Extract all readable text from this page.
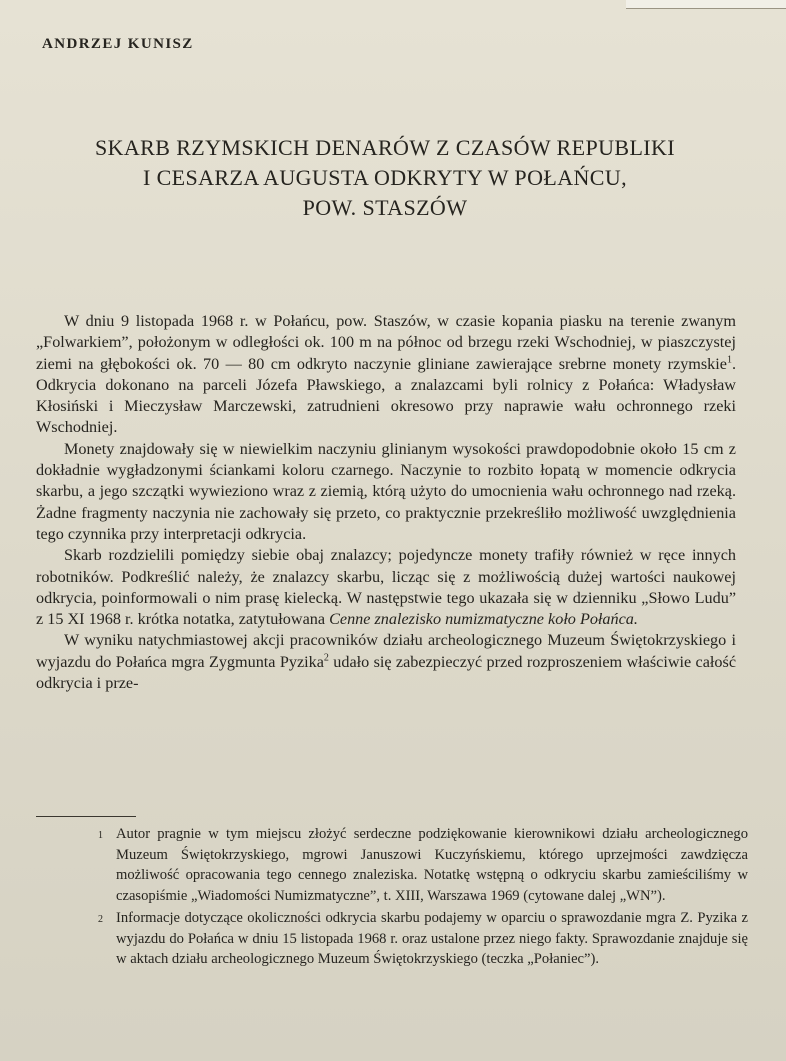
ANDRZEJ KUNISZ
SKARB RZYMSKICH DENARÓW Z CZASÓW REPUBLIKI
I CESARZA AUGUSTA ODKRYTY W POŁAŃCU,
POW. STASZÓW

W dniu 9 listopada 1968 r. w Połańcu, pow. Staszów, w czasie kopania piasku na terenie zwanym „Folwarkiem”, położonym w odległości ok. 100 m na północ od brzegu rzeki Wschodniej, w piaszczystej ziemi na głębokości ok. 70 — 80 cm odkryto naczynie gliniane zawierające srebrne monety rzymskie$^1$. Odkrycia dokonano na parceli Józefa Pławskiego, a znalazcami byli rolnicy z Połańca: Władysław Kłosiński i Mieczysław Marczewski, zatrudnieni okresowo przy naprawie wału ochronnego rzeki Wschodniej.

Monety znajdowały się w niewielkim naczyniu glinianym wysokości prawdopodobnie około 15 cm z dokładnie wygładzonymi ściankami koloru czarnego. Naczynie to rozbito łopatą w momencie odkrycia skarbu, a jego szczątki wywieziono wraz z ziemią, którą użyto do umocnienia wału ochronnego nad rzeką. Żadne fragmenty naczynia nie zachowały się przeto, co praktycznie przekreśliło możliwość uwzględnienia tego czynnika przy interpretacji odkrycia.

Skarb rozdzielili pomiędzy siebie obaj znalazcy; pojedyncze monety trafiły również w ręce innych robotników. Podkreślić należy, że znalazcy skarbu, licząc się z możliwością dużej wartości naukowej odkrycia, poinformowali o nim prasę kielecką. W następstwie tego ukazała się w dzienniku „Słowo Ludu” z 15 XI 1968 r. krótka notatka, zatytułowana Cenne znalezisko numizmatyczne koło Połańca.

W wyniku natychmiastowej akcji pracowników działu archeologicznego Muzeum Świętokrzyskiego i wyjazdu do Połańca mgra Zygmunta Pyzika$^2$ udało się zabezpieczyć przed rozproszeniem właściwie całość odkrycia i prze-

1 Autor pragnie w tym miejscu złożyć serdeczne podziękowanie kierownikowi działu archeologicznego Muzeum Świętokrzyskiego, mgrowi Januszowi Kuczyńskiemu, którego uprzejmości zawdzięcza możliwość opracowania tego cennego znaleziska. Notatkę wstępną o odkryciu skarbu zamieściliśmy w czasopiśmie „Wiadomości Numizmatyczne”, t. XIII, Warszawa 1969 (cytowane dalej „WN”).
2 Informacje dotyczące okoliczności odkrycia skarbu podajemy w oparciu o sprawozdanie mgra Z. Pyzika z wyjazdu do Połańca w dniu 15 listopada 1968 r. oraz ustalone przez niego fakty. Sprawozdanie znajduje się w aktach działu archeologicznego Muzeum Świętokrzyskiego (teczka „Połaniec”).
